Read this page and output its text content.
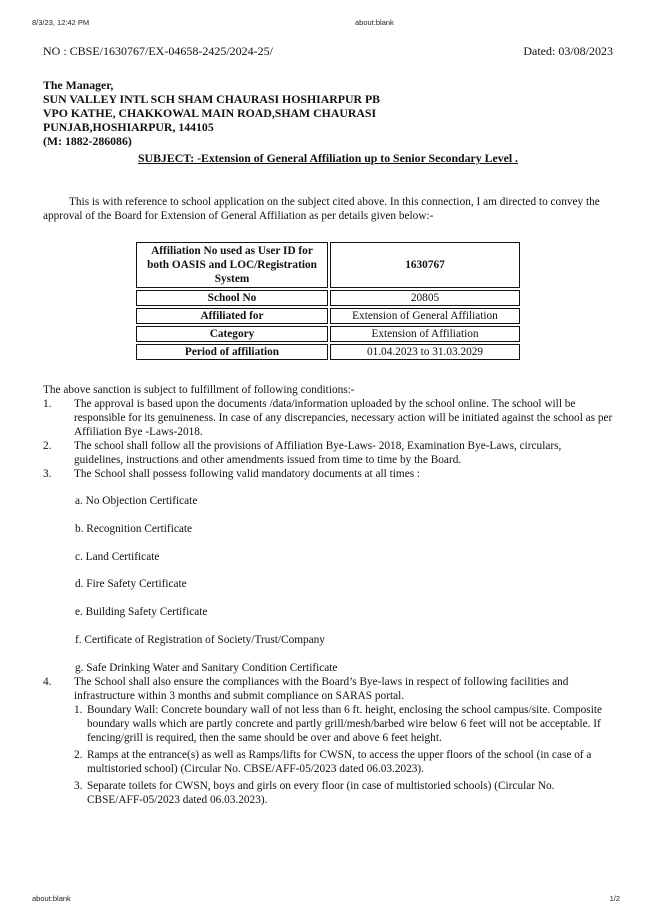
8/3/23, 12:42 PM	about:blank
NO : CBSE/1630767/EX-04658-2425/2024-25/	Dated: 03/08/2023
The Manager,
SUN VALLEY INTL SCH SHAM CHAURASI HOSHIARPUR PB
VPO KATHE, CHAKKOWAL MAIN ROAD,SHAM CHAURASI
PUNJAB,HOSHIARPUR, 144105
(M: 1882-286086)
SUBJECT: -Extension of General Affiliation up to Senior Secondary Level .
This is with reference to school application on the subject cited above. In this connection, I am directed to convey the approval of the Board for Extension of General Affiliation as per details given below:-
Affiliation No used as User ID for both OASIS and LOC/Registration System	1630767
School No	20805
Affiliated for	Extension of General Affiliation
Category	Extension of Affiliation
Period of affiliation	01.04.2023 to 31.03.2029
The above sanction is subject to fulfillment of following conditions:-
1. The approval is based upon the documents /data/information uploaded by the school online. The school will be responsible for its genuineness. In case of any discrepancies, necessary action will be initiated against the school as per Affiliation Bye -Laws-2018.
2. The school shall follow all the provisions of Affiliation Bye-Laws- 2018, Examination Bye-Laws, circulars, guidelines, instructions and other amendments issued from time to time by the Board.
3. The School shall possess following valid mandatory documents at all times :
a. No Objection Certificate
b. Recognition Certificate
c. Land Certificate
d. Fire Safety Certificate
e. Building Safety Certificate
f. Certificate of Registration of Society/Trust/Company
g. Safe Drinking Water and Sanitary Condition Certificate
4. The School shall also ensure the compliances with the Board’s Bye-laws in respect of following facilities and infrastructure within 3 months and submit compliance on SARAS portal.
1. Boundary Wall: Concrete boundary wall of not less than 6 ft. height, enclosing the school campus/site. Composite boundary walls which are partly concrete and partly grill/mesh/barbed wire below 6 feet will not be acceptable. If fencing/grill is required, then the same should be over and above 6 feet height.
2. Ramps at the entrance(s) as well as Ramps/lifts for CWSN, to access the upper floors of the school (in case of a multistoried school) (Circular No. CBSE/AFF-05/2023 dated 06.03.2023).
3. Separate toilets for CWSN, boys and girls on every floor (in case of multistoried schools) (Circular No. CBSE/AFF-05/2023 dated 06.03.2023).
about:blank	1/2
